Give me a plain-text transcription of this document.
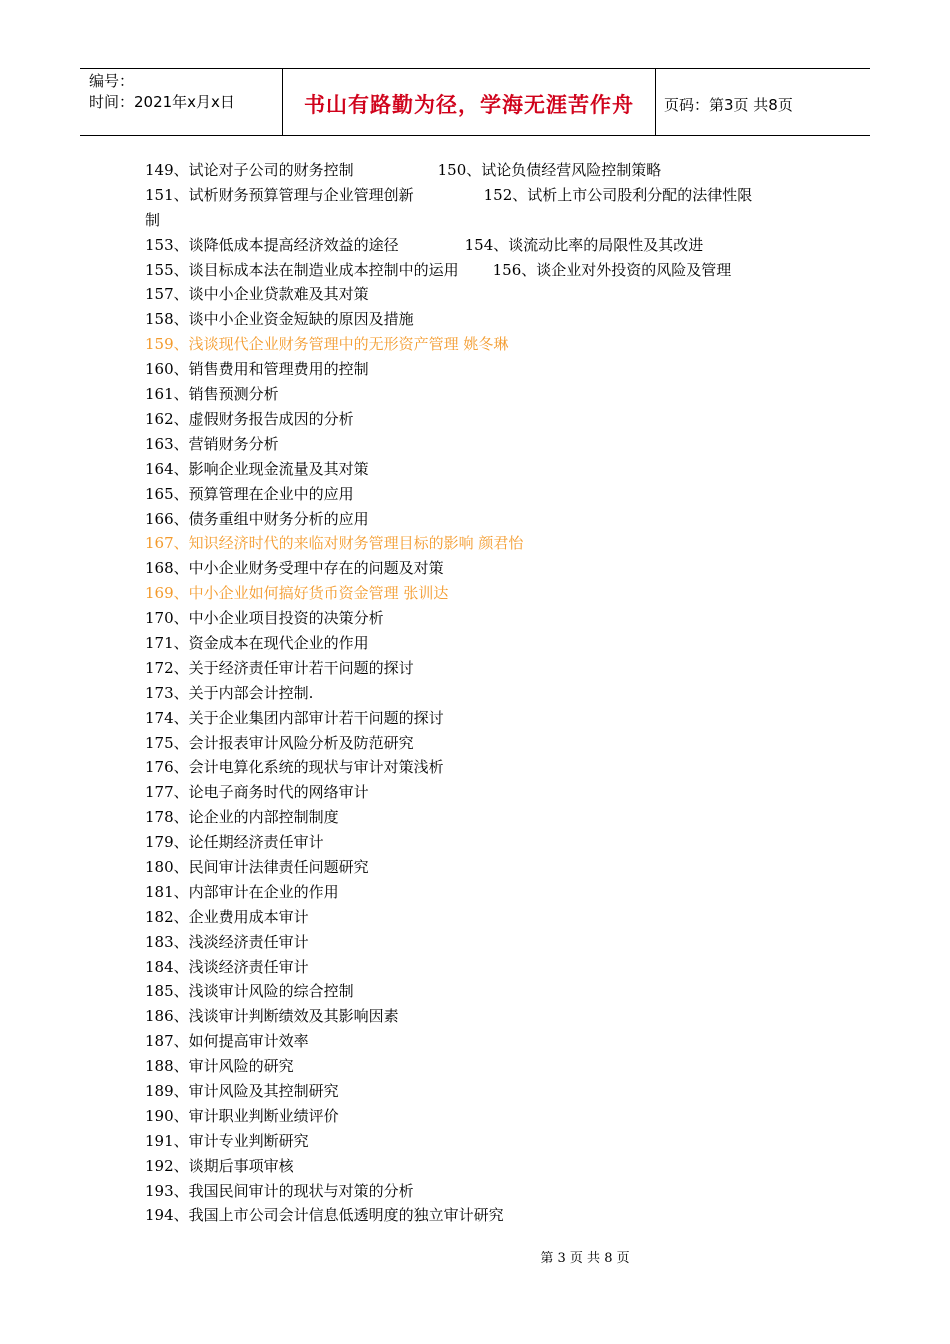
编号：
时间：2021年x月x日	书山有路勤为径，学海无涯苦作舟 页码：第3页 共8页
149、试论对子公司的财务控制	150、试论负债经营风险控制策略
151、试析财务预算管理与企业管理创新	152、试析上市公司股利分配的法律性限
制
153、谈降低成本提高经济效益的途径	154、谈流动比率的局限性及其改进
155、谈目标成本法在制造业成本控制中的运用 156、谈企业对外投资的风险及管理
157、谈中小企业贷款难及其对策
158、谈中小企业资金短缺的原因及措施
159、浅谈现代企业财务管理中的无形资产管理 姚冬琳
160、销售费用和管理费用的控制
161、销售预测分析
162、虚假财务报告成因的分析
163、营销财务分析
164、影响企业现金流量及其对策
165、预算管理在企业中的应用
166、债务重组中财务分析的应用
167、知识经济时代的来临对财务管理目标的影响 颜君怡
168、中小企业财务受理中存在的问题及对策
169、中小企业如何搞好货币资金管理 张训达
170、中小企业项目投资的决策分析
171、资金成本在现代企业的作用
172、关于经济责任审计若干问题的探讨
173、关于内部会计控制.
174、关于企业集团内部审计若干问题的探讨
175、会计报表审计风险分析及防范研究
176、会计电算化系统的现状与审计对策浅析
177、论电子商务时代的网络审计
178、论企业的内部控制制度
179、论任期经济责任审计
180、民间审计法律责任问题研究
181、内部审计在企业的作用
182、企业费用成本审计
183、浅淡经济责任审计
184、浅谈经济责任审计
185、浅谈审计风险的综合控制
186、浅谈审计判断绩效及其影响因素
187、如何提高审计效率
188、审计风险的研究
189、审计风险及其控制研究
190、审计职业判断业绩评价
191、审计专业判断研究
192、谈期后事项审核
193、我国民间审计的现状与对策的分析
194、我国上市公司会计信息低透明度的独立审计研究
第 3 页 共 8 页
